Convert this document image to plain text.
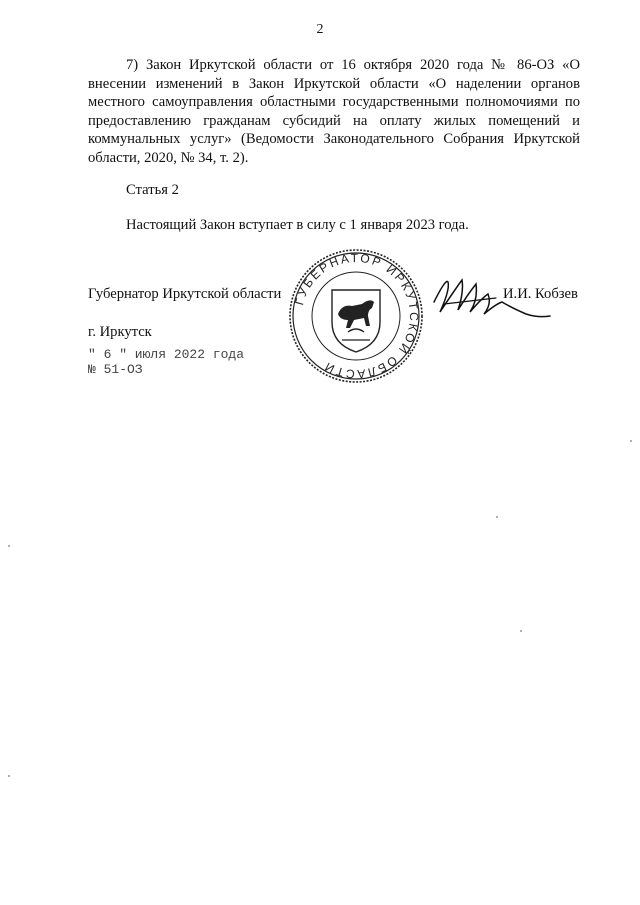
2

7) Закон Иркутской области от 16 октября 2020 года № 86-ОЗ «О внесении изменений в Закон Иркутской области «О наделении органов местного самоуправления областными государственными полномочиями по предоставлению гражданам субсидий на оплату жилых помещений и коммунальных услуг» (Ведомости Законодательного Собрания Иркутской области, 2020, № 34, т. 2).

Статья 2
Настоящий Закон вступает в силу с 1 января 2023 года.
Губернатор Иркутской области	И.И. Кобзев
г. Иркутск
" 6 " июля 2022 года
№ 51-ОЗ
ГУБЕРНАТОР ИРКУТСКОЙ ОБЛАСТИ
